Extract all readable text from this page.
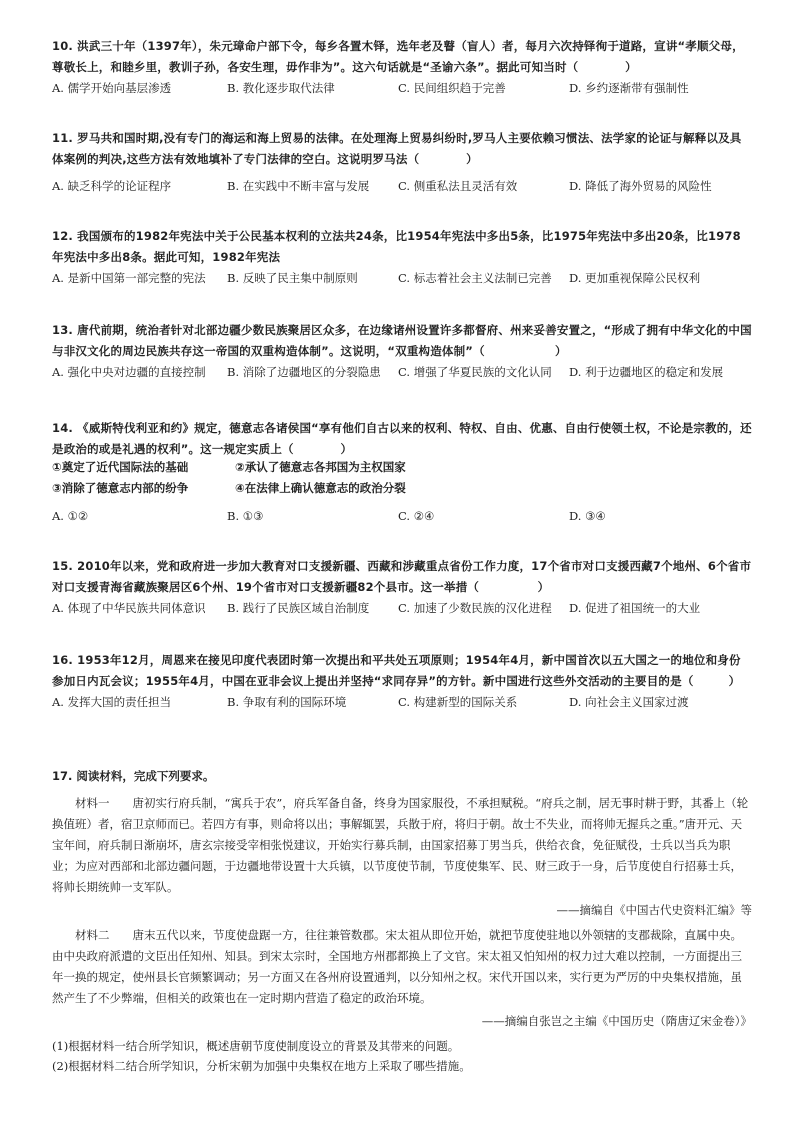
10. 洪武三十年（1397年），朱元璋命户部下令，每乡各置木铎，选年老及瞽（盲人）者，每月六次持铎徇于道路，宣讲“孝顺父母，尊敬长上，和睦乡里，教训子孙，各安生理，毋作非为”。这六句话就是“圣谕六条”。据此可知当时（　　　　）

A. 儒学开始向基层渗透	B. 教化逐步取代法律	C. 民间组织趋于完善	D. 乡约逐渐带有强制性

11. 罗马共和国时期,没有专门的海运和海上贸易的法律。在处理海上贸易纠纷时,罗马人主要依赖习惯法、法学家的论证与解释以及具体案例的判决,这些方法有效地填补了专门法律的空白。这说明罗马法（　　　　）

A. 缺乏科学的论证程序	B. 在实践中不断丰富与发展 C. 侧重私法且灵活有效	D. 降低了海外贸易的风险性

12. 我国颁布的1982年宪法中关于公民基本权利的立法共24条，比1954年宪法中多出5条，比1975年宪法中多出20条，比1978年宪法中多出8条。据此可知，1982年宪法

A. 是新中国第一部完整的宪法 B. 反映了民主集中制原则	C. 标志着社会主义法制已完善 D. 更加重视保障公民权利

13. 唐代前期，统治者针对北部边疆少数民族聚居区众多，在边缘诸州设置许多都督府、州来妥善安置之，“形成了拥有中华文化的中国与非汉文化的周边民族共存这一帝国的双重构造体制”。这说明，“双重构造体制”（　　　　　　）

A. 强化中央对边疆的直接控制 B. 消除了边疆地区的分裂隐患 C. 增强了华夏民族的文化认同 D. 利于边疆地区的稳定和发展

14. 《威斯特伐利亚和约》规定，德意志各诸侯国“享有他们自古以来的权利、特权、自由、优惠、自由行使领土权，不论是宗教的，还是政治的或是礼遇的权利”。这一规定实质上（　　　　）

①奠定了近代国际法的基础	②承认了德意志各邦国为主权国家
③消除了德意志内部的纷争	④在法律上确认德意志的政治分裂
A. ①②	B. ①③	C. ②④	D. ③④

15. 2010年以来，党和政府进一步加大教育对口支援新疆、西藏和涉藏重点省份工作力度，17个省市对口支援西藏7个地州、6个省市对口支援青海省藏族聚居区6个州、19个省市对口支援新疆82个县市。这一举措（　　　　　）

A. 体现了中华民族共同体意识 B. 践行了民族区域自治制度 C. 加速了少数民族的汉化进程 D. 促进了祖国统一的大业

16. 1953年12月，周恩来在接见印度代表团时第一次提出和平共处五项原则；1954年4月，新中国首次以五大国之一的地位和身份参加日内瓦会议；1955年4月，中国在亚非会议上提出并坚持“求同存异”的方针。新中国进行这些外交活动的主要目的是（　　　）

A. 发挥大国的责任担当	B. 争取有利的国际环境	C. 构建新型的国际关系	D. 向社会主义国家过渡

17. 阅读材料，完成下列要求。

材料一 唐初实行府兵制，“寓兵于农”，府兵军备自备，终身为国家服役，不承担赋税。“府兵之制，居无事时耕于野，其番上（轮换值班）者，宿卫京师而已。若四方有事，则命将以出；事解辄罢，兵散于府，将归于朝。故士不失业，而将帅无握兵之重。”唐开元、天宝年间，府兵制日渐崩坏，唐玄宗接受宰相张悦建议，开始实行募兵制，由国家招募丁男当兵，供给衣食，免征赋役，士兵以当兵为职业；为应对西部和北部边疆问题，于边疆地带设置十大兵镇，以节度使节制，节度使集军、民、财三政于一身，后节度使自行招募士兵，将帅长期统帅一支军队。

——摘编自《中国古代史资料汇编》等

材料二 唐末五代以来，节度使盘踞一方，往往兼管数郡。宋太祖从即位开始，就把节度使驻地以外领辖的支郡裁除，直属中央。由中央政府派遣的文臣出任知州、知县。到宋太宗时，全国地方州郡都换上了文官。宋太祖又怕知州的权力过大难以控制，一方面提出三年一换的规定，使州县长官频繁调动；另一方面又在各州府设置通判，以分知州之权。宋代开国以来，实行更为严厉的中央集权措施，虽然产生了不少弊端，但相关的政策也在一定时期内营造了稳定的政治环境。

——摘编自张岂之主编《中国历史（隋唐辽宋金卷）》

(1)根据材料一结合所学知识，概述唐朝节度使制度设立的背景及其带来的问题。

(2)根据材料二结合所学知识，分析宋朝为加强中央集权在地方上采取了哪些措施。
